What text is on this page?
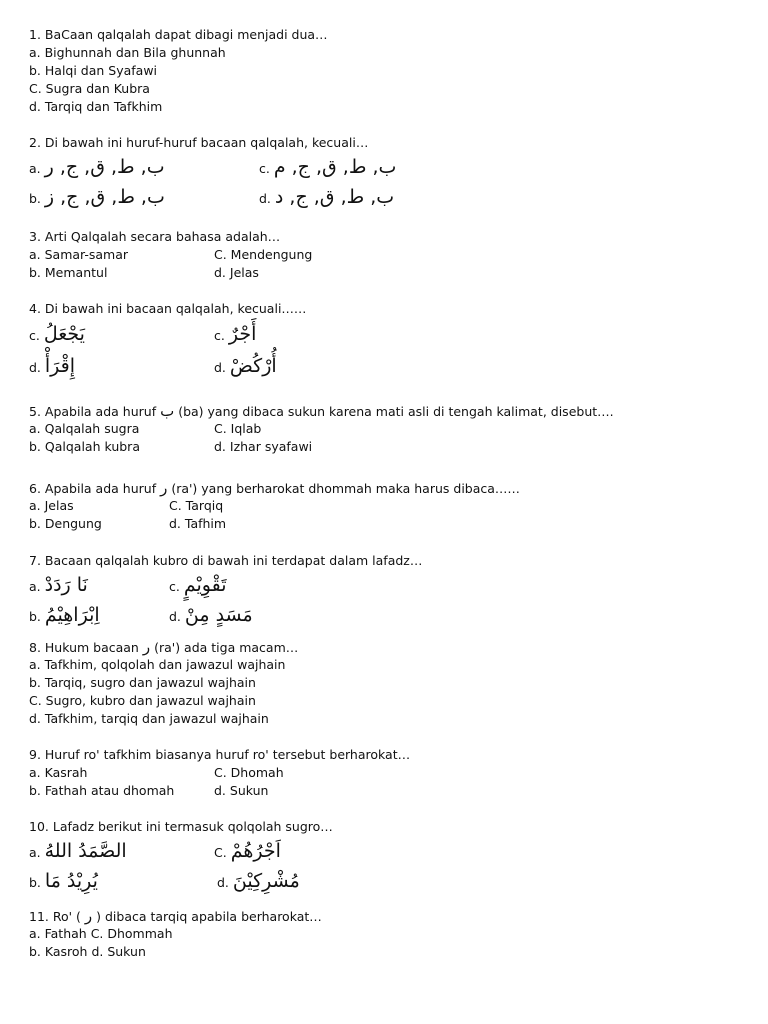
1. BaCaan qalqalah dapat dibagi menjadi dua…
a. Bighunnah dan Bila ghunnah
b. Halqi dan Syafawi
C. Sugra dan Kubra
d. Tarqiq dan Tafkhim
2. Di bawah ini huruf-huruf bacaan qalqalah, kecuali…
a. ب, ط, ق, ج, ر	c. ب, ط, ق, ج, م
b. ب, ط, ق, ج, ز	d. ب, ط, ق, ج, د
3. Arti Qalqalah secara bahasa adalah…
a. Samar-samar	C. Mendengung
b. Memantul	d. Jelas
4. Di bawah ini bacaan qalqalah, kecuali……
c. يَجْعَلُ	c. أَجْرٌ
d. إِقْرَأْ	d. أُرْكُضْ
5. Apabila ada huruf ب (ba) yang dibaca sukun karena mati asli di tengah kalimat, disebut….
a. Qalqalah sugra	C. Iqlab
b. Qalqalah kubra	d. Izhar syafawi
6. Apabila ada huruf ر (ra') yang berharokat dhommah maka harus dibaca……
a. Jelas	C. Tarqiq
b. Dengung	d. Tafhim
7. Bacaan qalqalah kubro di bawah ini terdapat dalam lafadz…
a. نَا رَدَدْ	c. تَقْوِيْمٍ
b. اِبْرَاهِيْمُ	d. مَسَدٍ مِنْ
8. Hukum bacaan ر (ra') ada tiga macam…
a. Tafkhim, qolqolah dan jawazul wajhain
b. Tarqiq, sugro dan jawazul wajhain
C. Sugro, kubro dan jawazul wajhain
d. Tafkhim, tarqiq dan jawazul wajhain
9. Huruf ro' tafkhim biasanya huruf ro' tersebut berharokat…
a. Kasrah	C. Dhomah
b. Fathah atau dhomah	d. Sukun
10. Lafadz berikut ini termasuk qolqolah sugro…
a. الصَّمَدُ اللهُ	C. اَجْرُهُمْ
b. يُرِيْدُ مَا	d. مُشْرِكِيْنَ
11. Ro' ( ر ) dibaca tarqiq apabila berharokat…
a. Fathah C. Dhommah
b. Kasroh d. Sukun
